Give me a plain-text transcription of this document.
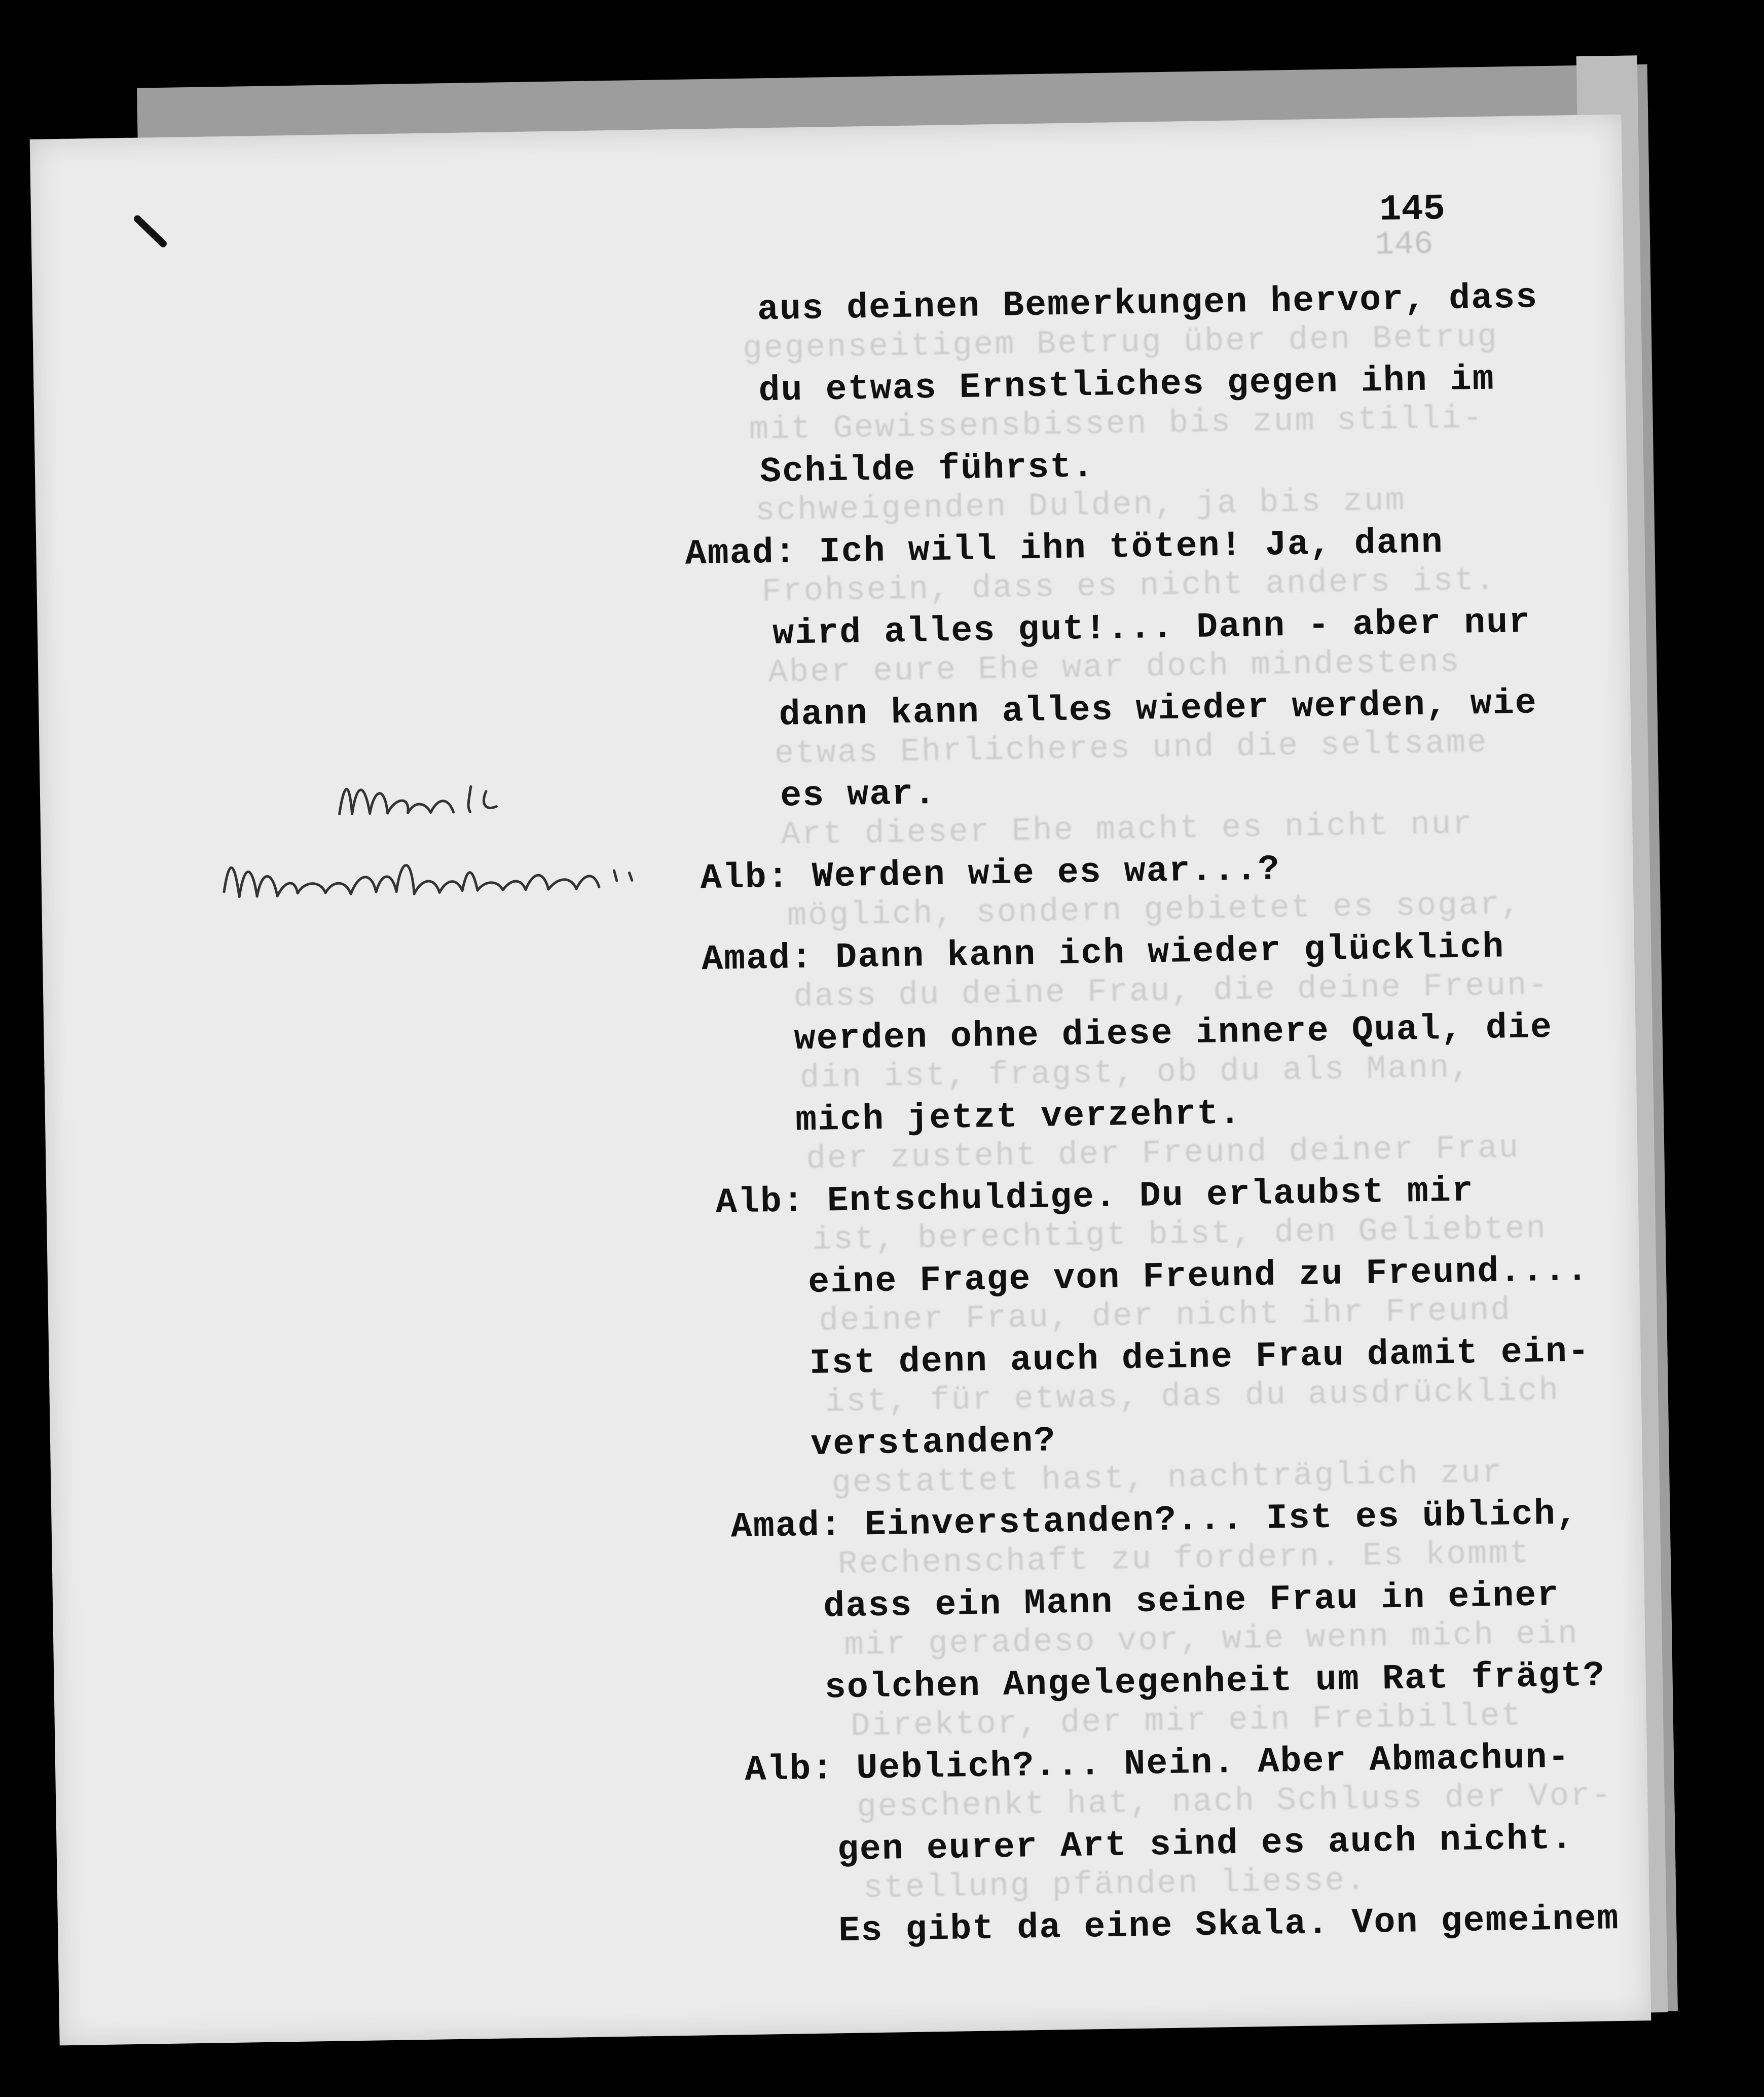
145
146
gegenseitigem Betrug über den Betrug
mit Gewissensbissen bis zum stilli-
schweigenden Dulden, ja bis zum
Frohsein, dass es nicht anders ist.
Aber eure Ehe war doch mindestens
etwas Ehrlicheres und die seltsame
Art dieser Ehe macht es nicht nur
möglich, sondern gebietet es sogar,
dass du deine Frau, die deine Freun-
din ist, fragst, ob du als Mann,
der zusteht der Freund deiner Frau
ist, berechtigt bist, den Geliebten
deiner Frau, der nicht ihr Freund
ist, für etwas, das du ausdrücklich
gestattet hast, nachträglich zur
Rechenschaft zu fordern. Es kommt
mir geradeso vor, wie wenn mich ein
Direktor, der mir ein Freibillet
geschenkt hat, nach Schluss der Vor-
stellung pfänden liesse.
aus deinen Bemerkungen hervor, dass
du etwas Ernstliches gegen ihn im
Schilde führst.
Amad: Ich will ihn töten! Ja, dann
wird alles gut!... Dann - aber nur
dann kann alles wieder werden, wie
es war.
Alb: Werden wie es war...?
Amad: Dann kann ich wieder glücklich
werden ohne diese innere Qual, die
mich jetzt verzehrt.
Alb: Entschuldige. Du erlaubst mir
eine Frage von Freund zu Freund....
Ist denn auch deine Frau damit ein-
verstanden?
Amad: Einverstanden?... Ist es üblich,
dass ein Mann seine Frau in einer
solchen Angelegenheit um Rat frägt?
Alb: Ueblich?... Nein. Aber Abmachun-
gen eurer Art sind es auch nicht.
Es gibt da eine Skala. Von gemeinem
